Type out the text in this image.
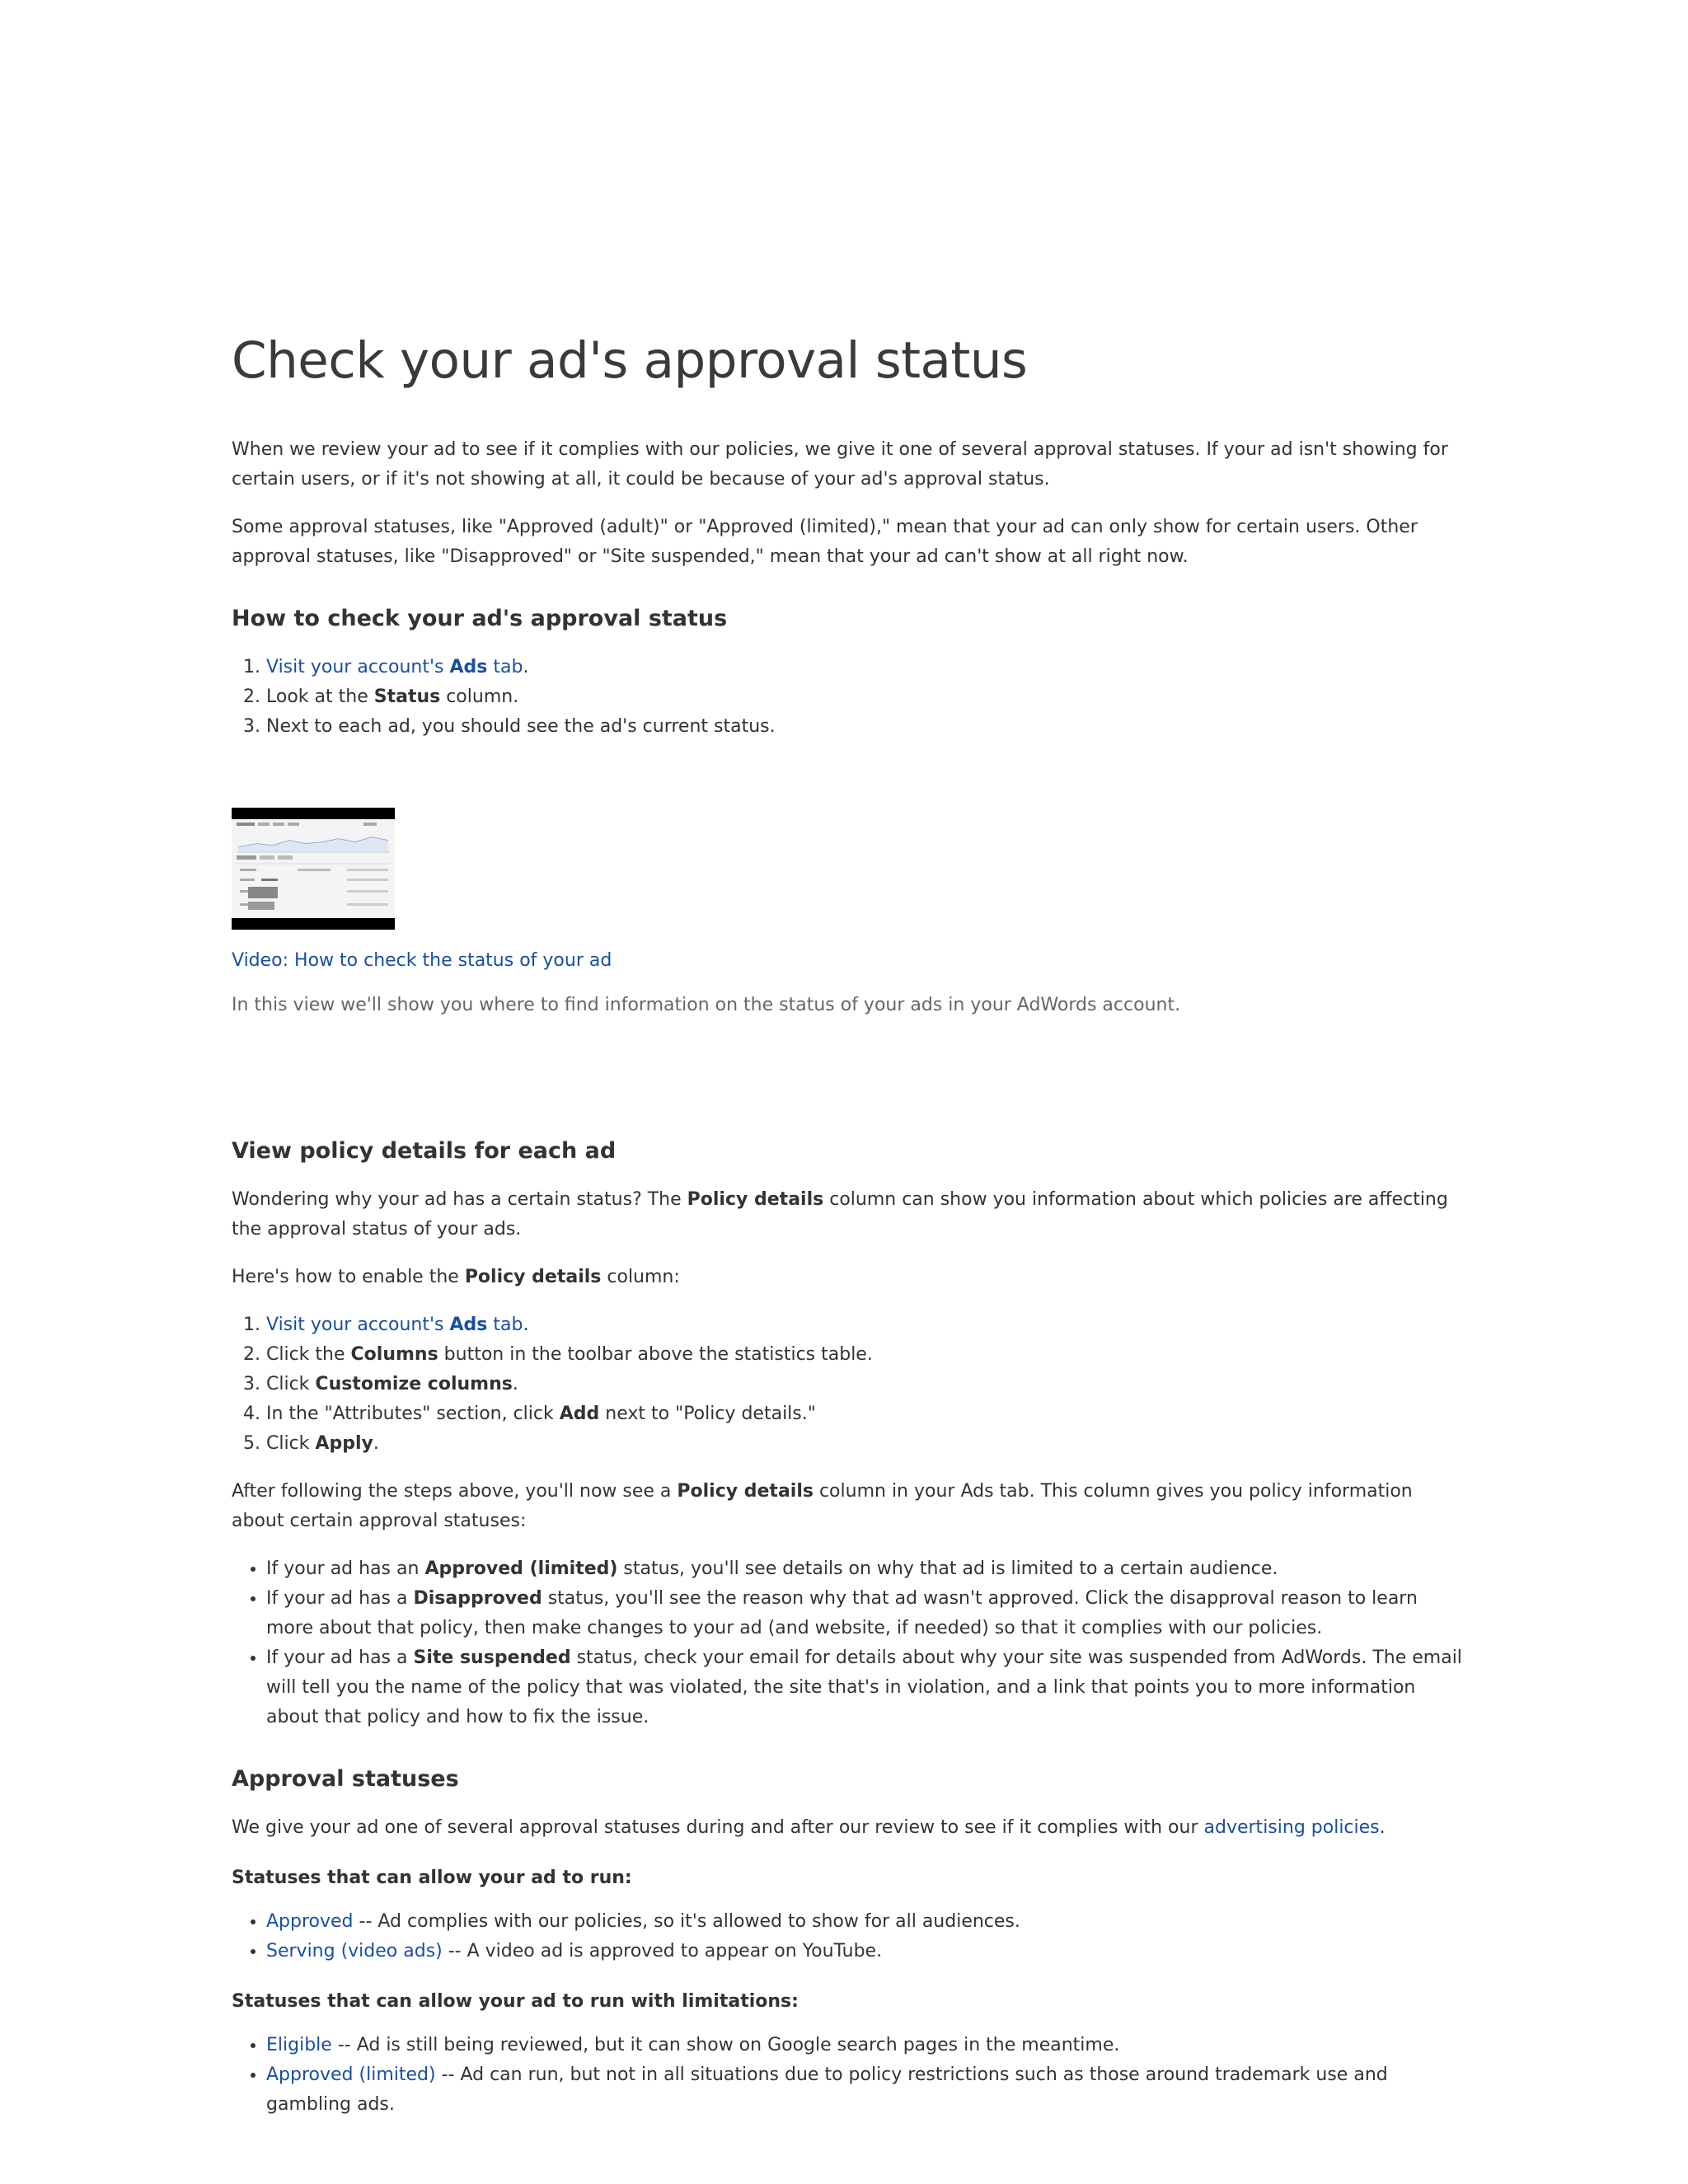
Check your ad's approval status

When we review your ad to see if it complies with our policies, we give it one of several approval statuses. If your ad isn't showing for certain users, or if it's not showing at all, it could be because of your ad's approval status.

Some approval statuses, like "Approved (adult)" or "Approved (limited)," mean that your ad can only show for certain users. Other approval statuses, like "Disapproved" or "Site suspended," mean that your ad can't show at all right now.

How to check your ad's approval status
1. Visit your account's Ads tab.
2. Look at the Status column.
3. Next to each ad, you should see the ad's current status.

Video: How to check the status of your ad

In this view we'll show you where to find information on the status of your ads in your AdWords account.

View policy details for each ad

Wondering why your ad has a certain status? The Policy details column can show you information about which policies are affecting the approval status of your ads.

Here's how to enable the Policy details column:

1. Visit your account's Ads tab.
2. Click the Columns button in the toolbar above the statistics table.
3. Click Customize columns.
4. In the "Attributes" section, click Add next to "Policy details."
5. Click Apply.

After following the steps above, you'll now see a Policy details column in your Ads tab. This column gives you policy information about certain approval statuses:

• If your ad has an Approved (limited) status, you'll see details on why that ad is limited to a certain audience.
• If your ad has a Disapproved status, you'll see the reason why that ad wasn't approved. Click the disapproval reason to learn more about that policy, then make changes to your ad (and website, if needed) so that it complies with our policies.
• If your ad has a Site suspended status, check your email for details about why your site was suspended from AdWords. The email will tell you the name of the policy that was violated, the site that's in violation, and a link that points you to more information about that policy and how to fix the issue.
Approval statuses

We give your ad one of several approval statuses during and after our review to see if it complies with our advertising policies.

Statuses that can allow your ad to run:
• Approved -- Ad complies with our policies, so it's allowed to show for all audiences.
• Serving (video ads) -- A video ad is approved to appear on YouTube.
Statuses that can allow your ad to run with limitations:
• Eligible -- Ad is still being reviewed, but it can show on Google search pages in the meantime.
• Approved (limited) -- Ad can run, but not in all situations due to policy restrictions such as those around trademark use and gambling ads.
